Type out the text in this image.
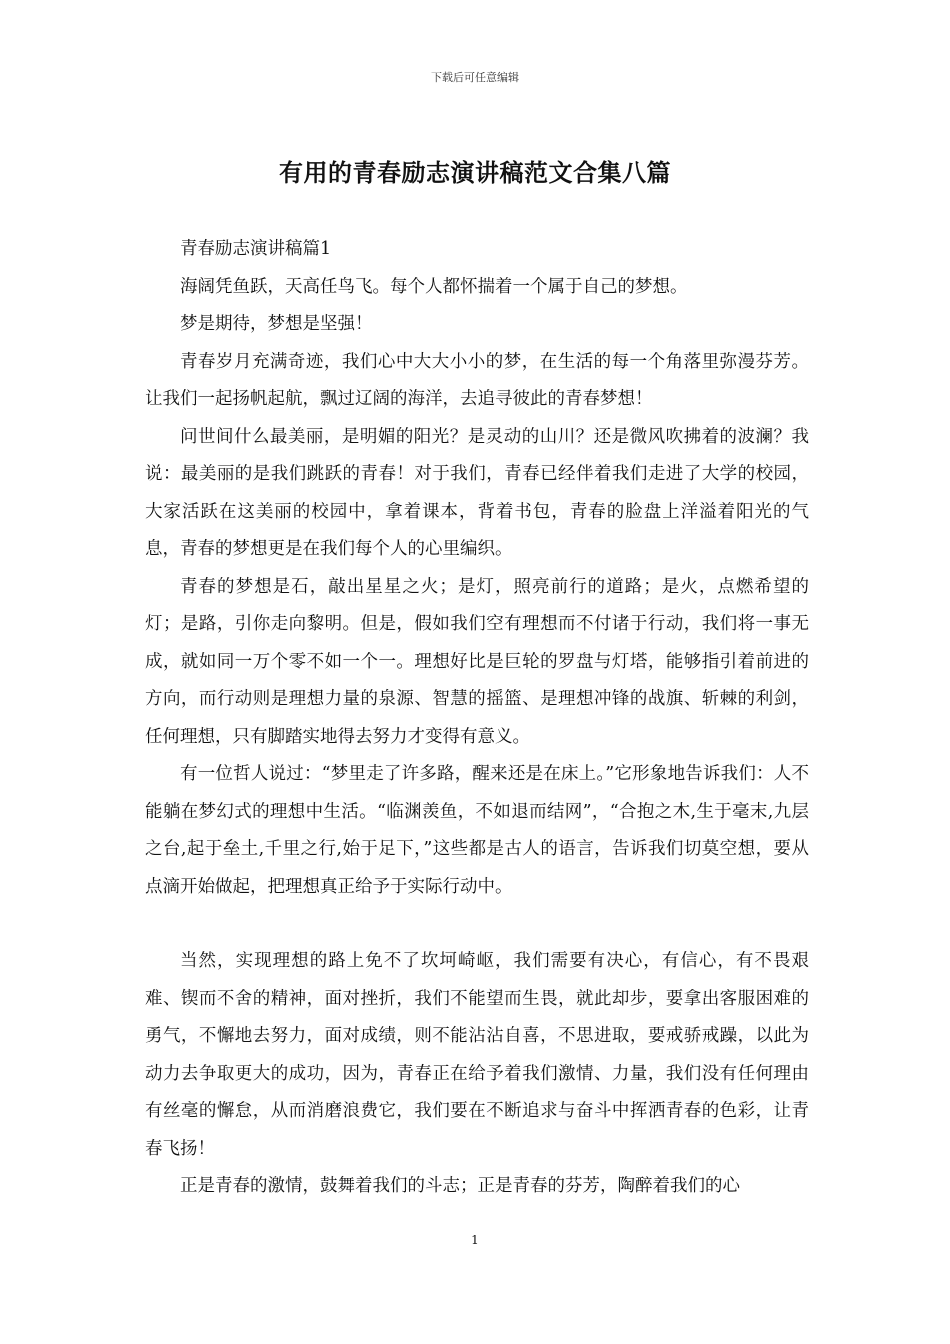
下载后可任意编辑
有用的青春励志演讲稿范文合集八篇

青春励志演讲稿篇1

海阔凭鱼跃，天高任鸟飞。每个人都怀揣着一个属于自己的梦想。

梦是期待，梦想是坚强！

青春岁月充满奇迹，我们心中大大小小的梦，在生活的每一个角落里弥漫芬芳。让我们一起扬帆起航，飘过辽阔的海洋，去追寻彼此的青春梦想！

问世间什么最美丽，是明媚的阳光？是灵动的山川？还是微风吹拂着的波澜？我说：最美丽的是我们跳跃的青春！对于我们，青春已经伴着我们走进了大学的校园，大家活跃在这美丽的校园中，拿着课本，背着书包，青春的脸盘上洋溢着阳光的气息，青春的梦想更是在我们每个人的心里编织。

青春的梦想是石，敲出星星之火；是灯，照亮前行的道路；是火，点燃希望的灯；是路，引你走向黎明。但是，假如我们空有理想而不付诸于行动，我们将一事无成，就如同一万个零不如一个一。理想好比是巨轮的罗盘与灯塔，能够指引着前进的方向，而行动则是理想力量的泉源、智慧的摇篮、是理想冲锋的战旗、斩棘的利剑，任何理想，只有脚踏实地得去努力才变得有意义。

有一位哲人说过：“梦里走了许多路，醒来还是在床上。”它形象地告诉我们：人不能躺在梦幻式的理想中生活。“临渊羡鱼，不如退而结网”，“合抱之木,生于毫末,九层之台,起于垒土,千里之行,始于足下，”这些都是古人的语言，告诉我们切莫空想，要从点滴开始做起，把理想真正给予于实际行动中。

当然，实现理想的路上免不了坎坷崎岖，我们需要有决心，有信心，有不畏艰难、锲而不舍的精神，面对挫折，我们不能望而生畏，就此却步，要拿出客服困难的勇气，不懈地去努力，面对成绩，则不能沾沾自喜，不思进取，要戒骄戒躁，以此为动力去争取更大的成功，因为，青春正在给予着我们激情、力量，我们没有任何理由有丝毫的懈怠，从而消磨浪费它，我们要在不断追求与奋斗中挥洒青春的色彩，让青春飞扬！

正是青春的激情，鼓舞着我们的斗志；正是青春的芬芳，陶醉着我们的心

1
